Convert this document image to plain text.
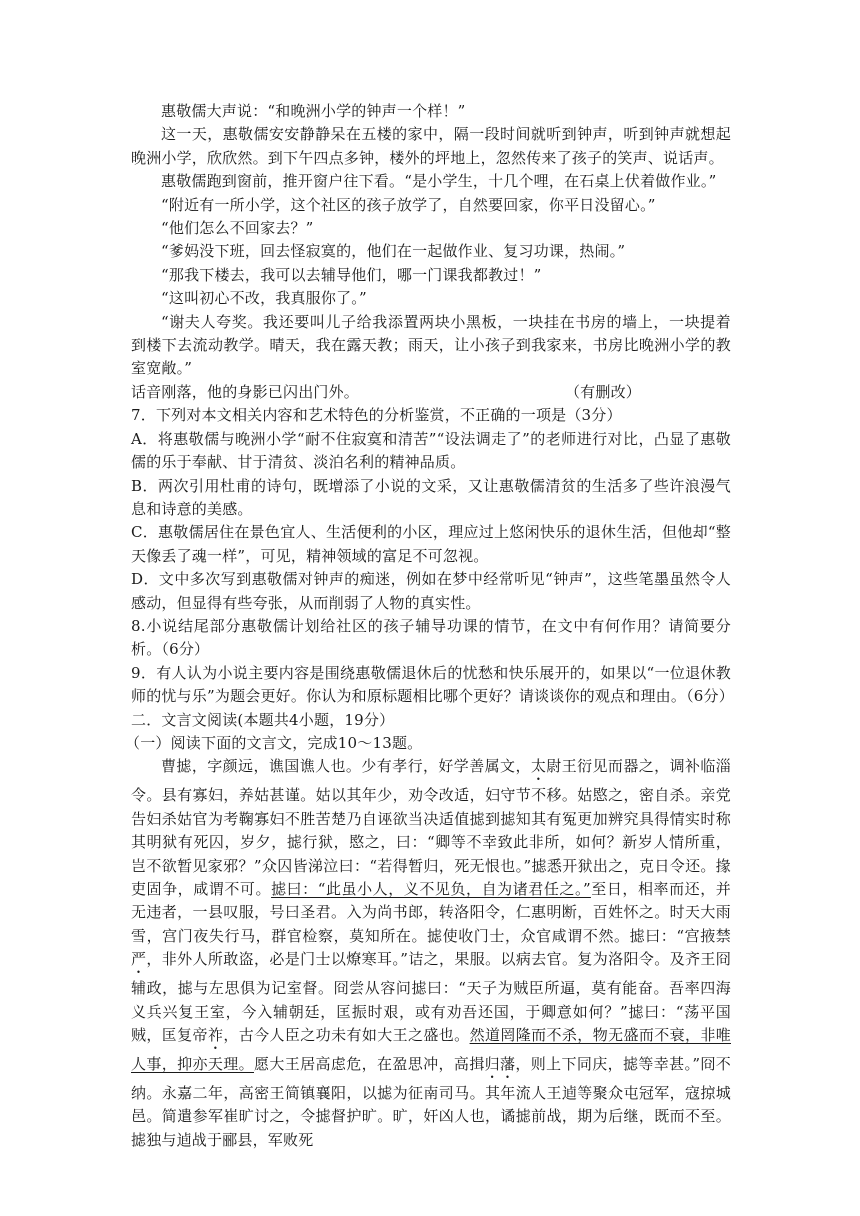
惠敬儒大声说：“和晚洲小学的钟声一个样！”

这一天，惠敬儒安安静静呆在五楼的家中，隔一段时间就听到钟声，听到钟声就想起晚洲小学，欣欣然。到下午四点多钟，楼外的坪地上，忽然传来了孩子的笑声、说话声。

惠敬儒跑到窗前，推开窗户往下看。“是小学生，十几个哩，在石桌上伏着做作业。”

“附近有一所小学，这个社区的孩子放学了，自然要回家，你平日没留心。”

“他们怎么不回家去？”

“爹妈没下班，回去怪寂寞的，他们在一起做作业、复习功课，热闹。”

“那我下楼去，我可以去辅导他们，哪一门课我都教过！”

“这叫初心不改，我真服你了。”

“谢夫人夸奖。我还要叫儿子给我添置两块小黑板，一块挂在书房的墙上，一块提着到楼下去流动教学。晴天，我在露天教；雨天，让小孩子到我家来，书房比晚洲小学的教室宽敞。”

话音刚落，他的身影已闪出门外。	（有删改）

7．下列对本文相关内容和艺术特色的分析鉴赏，不正确的一项是（3分）

A．将惠敬儒与晚洲小学“耐不住寂寞和清苦”“设法调走了”的老师进行对比，凸显了惠敬儒的乐于奉献、甘于清贫、淡泊名利的精神品质。

B．两次引用杜甫的诗句，既增添了小说的文采，又让惠敬儒清贫的生活多了些许浪漫气息和诗意的美感。

C．惠敬儒居住在景色宜人、生活便利的小区，理应过上悠闲快乐的退休生活，但他却“整天像丢了魂一样”，可见，精神领域的富足不可忽视。

D．文中多次写到惠敬儒对钟声的痴迷，例如在梦中经常听见“钟声”，这些笔墨虽然令人感动，但显得有些夸张，从而削弱了人物的真实性。

8.小说结尾部分惠敬儒计划给社区的孩子辅导功课的情节，在文中有何作用？请简要分析。（6分）

9．有人认为小说主要内容是围绕惠敬儒退休后的忧愁和快乐展开的，如果以“一位退休教师的忧与乐”为题会更好。你认为和原标题相比哪个更好？请谈谈你的观点和理由。（6分）

二．文言文阅读(本题共4小题，19分）

（一）阅读下面的文言文，完成10～13题。

曹摅，字颜远，谯国谯人也。少有孝行，好学善属文，太尉王衍见而器之，调补临淄令。县有寡妇，养姑甚谨。姑以其年少，劝令改适，妇守节不移。姑愍之，密自杀。亲党告妇杀姑官为考鞠寡妇不胜苦楚乃自诬欲当决适值摅到摅知其有冤更加辨究具得情实时称其明狱有死囚，岁夕，摅行狱，愍之，曰：“卿等不幸致此非所，如何？新岁人情所重，岂不欲暂见家邪？”众囚皆涕泣曰：“若得暂归，死无恨也。”摅悉开狱出之，克日令还。掾吏固争，咸谓不可。摅曰：“此虽小人，义不见负，自为诸君任之。”至日，相率而还，并无违者，一县叹服，号曰圣君。入为尚书郎，转洛阳令，仁惠明断，百姓怀之。时天大雨雪，宫门夜失行马，群官检察，莫知所在。摅使收门士，众官咸谓不然。摅曰：“宫掖禁严，非外人所敢盗，必是门士以燎寒耳。”诘之，果服。以病去官。复为洛阳令。及齐王冏辅政，摅与左思俱为记室督。冏尝从容问摅曰：“天子为贼臣所逼，莫有能奋。吾率四海义兵兴复王室，今入辅朝廷，匡振时艰，或有劝吾还国，于卿意如何？”摅曰：“荡平国贼，匡复帝祚，古今人臣之功未有如大王之盛也。然道罔隆而不杀，物无盛而不衰，非唯人事，抑亦天理。愿大王居高虑危，在盈思冲，高揖归藩，则上下同庆，摅等幸甚。”冏不纳。永嘉二年，高密王简镇襄阳，以摅为征南司马。其年流人王逌等聚众屯冠军，寇掠城邑。简遣参军崔旷讨之，令摅督护旷。旷，奸凶人也，谲摅前战，期为后继，既而不至。摅独与逌战于郦县，军败死
